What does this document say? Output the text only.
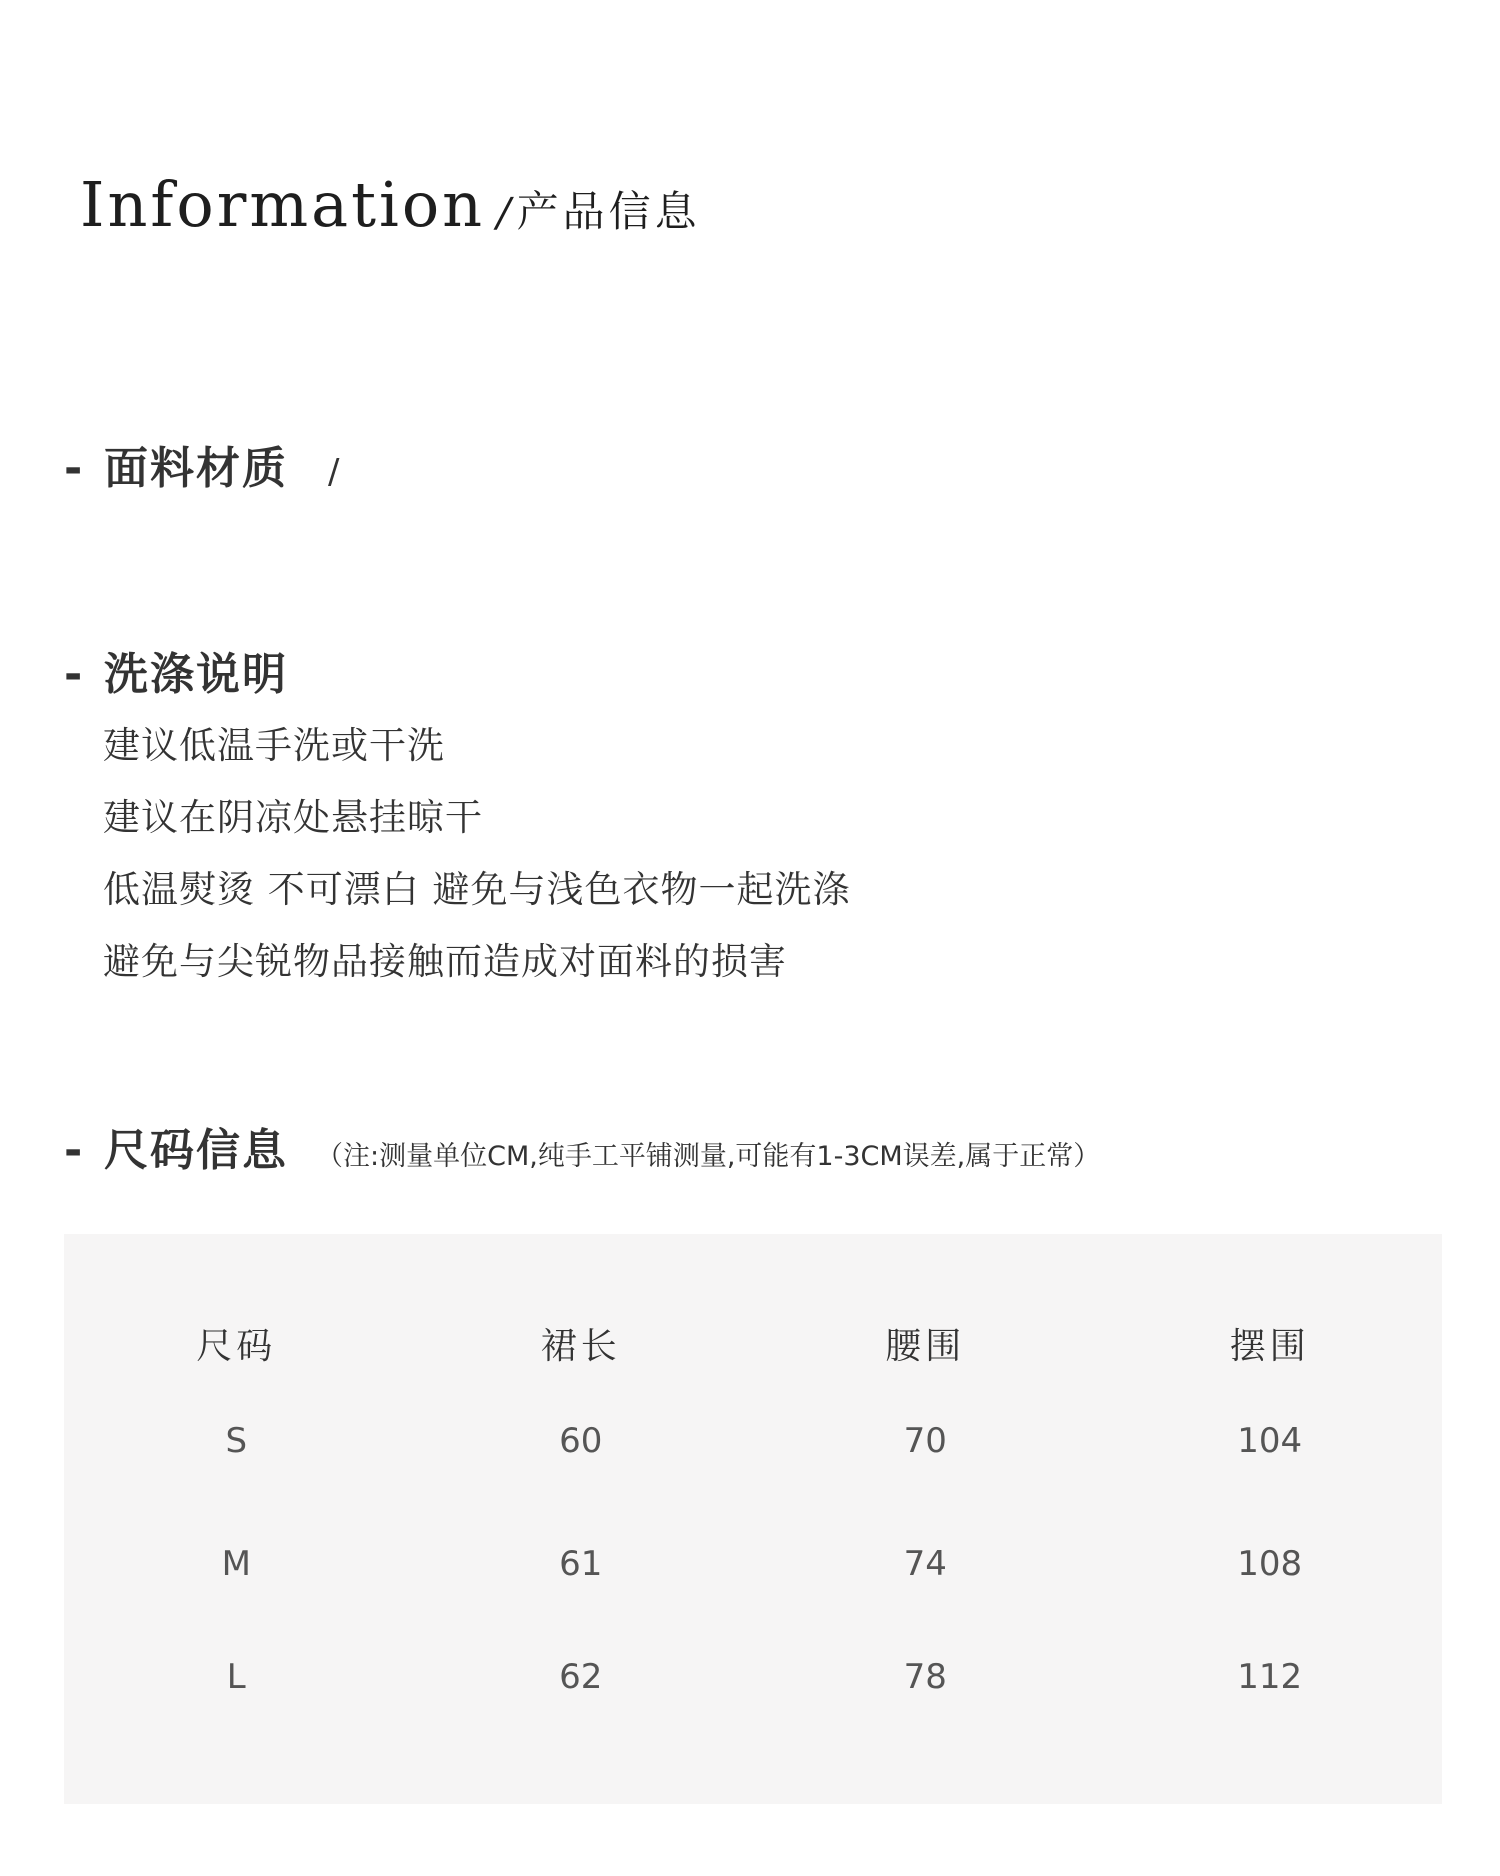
Information / 产品信息
- 面料材质 /
- 洗涤说明
建议低温手洗或干洗
建议在阴凉处悬挂晾干
低温熨烫 不可漂白 避免与浅色衣物一起洗涤
避免与尖锐物品接触而造成对面料的损害
- 尺码信息 （注:测量单位CM,纯手工平铺测量,可能有1-3CM误差,属于正常）
尺码	裙长	腰围	摆围
S	60	70	104
M	61	74	108
L	62	78	112
